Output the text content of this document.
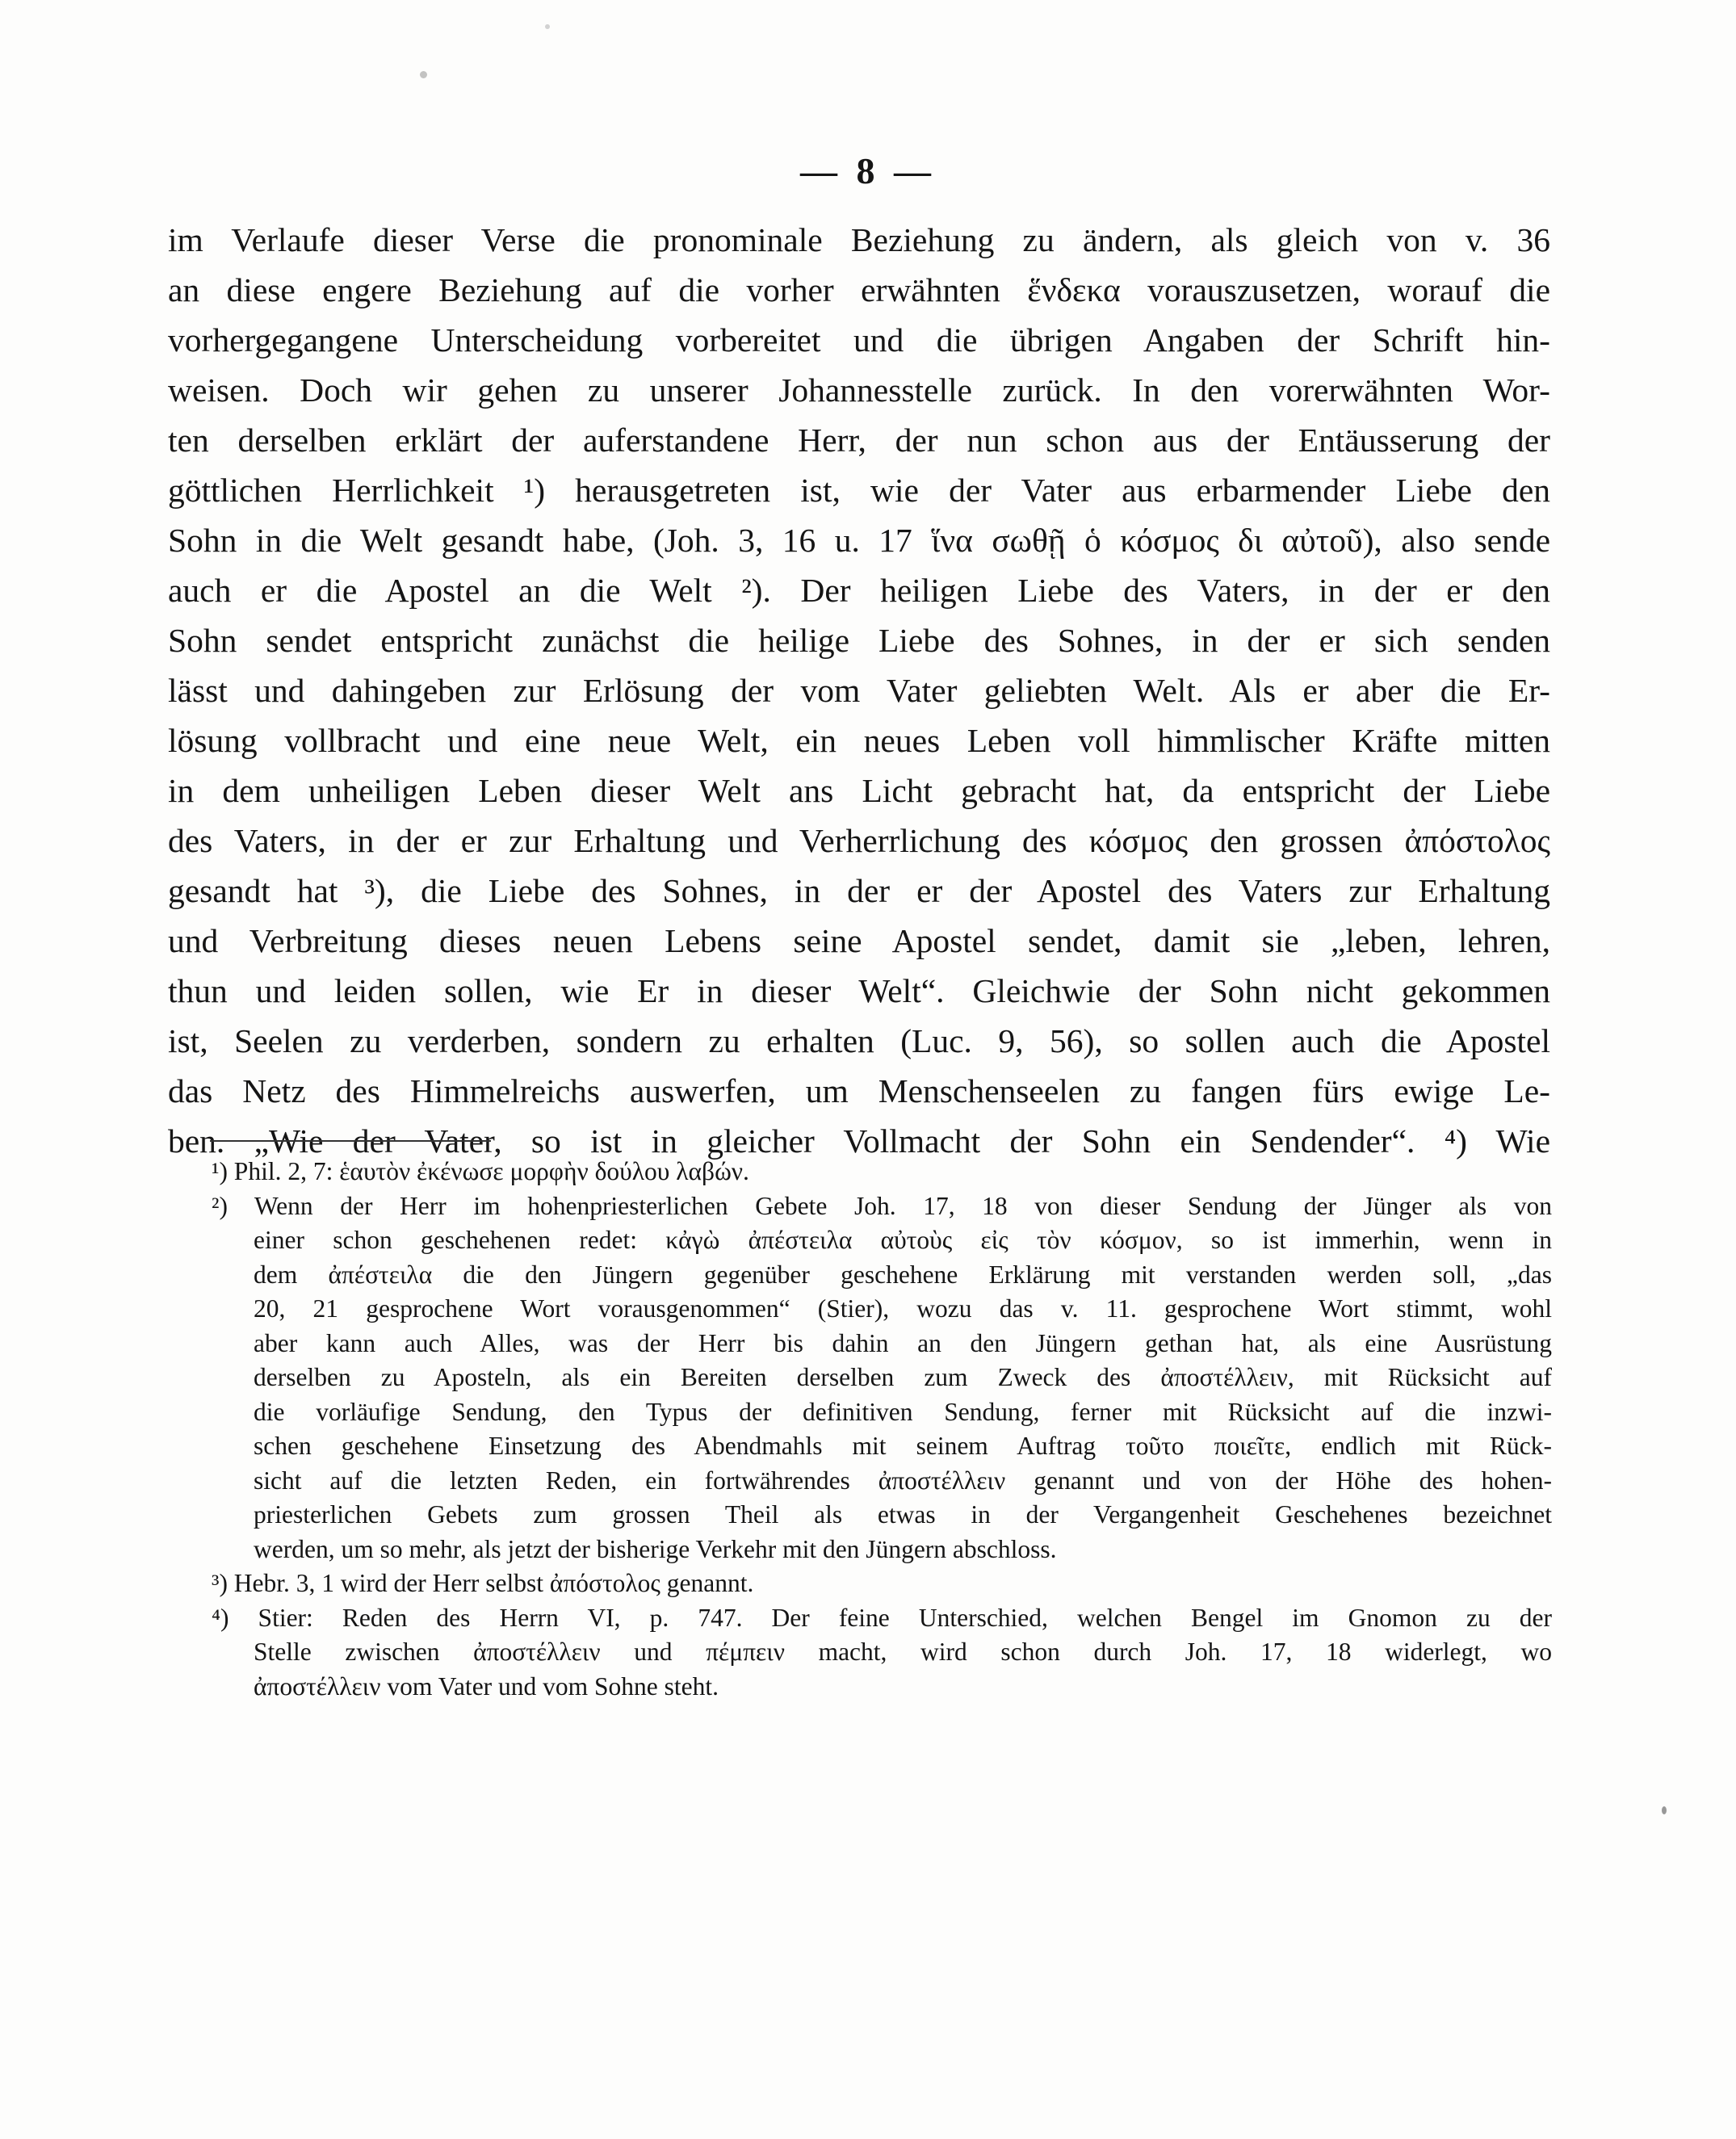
— 8 —
im Verlaufe dieser Verse die pronominale Beziehung zu ändern, als gleich von v. 36
an diese engere Beziehung auf die vorher erwähnten ἕνδεκα vorauszusetzen, worauf die
vorhergegangene Unterscheidung vorbereitet und die übrigen Angaben der Schrift hin-
weisen. Doch wir gehen zu unserer Johannesstelle zurück. In den vorerwähnten Wor-
ten derselben erklärt der auferstandene Herr, der nun schon aus der Entäusserung der
göttlichen Herrlichkeit ¹) herausgetreten ist, wie der Vater aus erbarmender Liebe den
Sohn in die Welt gesandt habe, (Joh. 3, 16 u. 17 ἵνα σωθῇ ὁ κόσμος δι αὐτοῦ), also sende
auch er die Apostel an die Welt ²). Der heiligen Liebe des Vaters, in der er den
Sohn sendet entspricht zunächst die heilige Liebe des Sohnes, in der er sich senden
lässt und dahingeben zur Erlösung der vom Vater geliebten Welt. Als er aber die Er-
lösung vollbracht und eine neue Welt, ein neues Leben voll himmlischer Kräfte mitten
in dem unheiligen Leben dieser Welt ans Licht gebracht hat, da entspricht der Liebe
des Vaters, in der er zur Erhaltung und Verherrlichung des κόσμος den grossen ἀπόστολος
gesandt hat ³), die Liebe des Sohnes, in der er der Apostel des Vaters zur Erhaltung
und Verbreitung dieses neuen Lebens seine Apostel sendet, damit sie „leben, lehren,
thun und leiden sollen, wie Er in dieser Welt“. Gleichwie der Sohn nicht gekommen
ist, Seelen zu verderben, sondern zu erhalten (Luc. 9, 56), so sollen auch die Apostel
das Netz des Himmelreichs auswerfen, um Menschenseelen zu fangen fürs ewige Le-
ben. „Wie der Vater, so ist in gleicher Vollmacht der Sohn ein Sendender“. ⁴) Wie
¹) Phil. 2, 7: ἑαυτὸν ἐκένωσε μορφὴν δούλου λαβών.
²) Wenn der Herr im hohenpriesterlichen Gebete Joh. 17, 18 von dieser Sendung der Jünger als von
einer schon geschehenen redet: κἀγὼ ἀπέστειλα αὐτοὺς εἰς τὸν κόσμον, so ist immerhin, wenn in
dem ἀπέστειλα die den Jüngern gegenüber geschehene Erklärung mit verstanden werden soll, „das
20, 21 gesprochene Wort vorausgenommen“ (Stier), wozu das v. 11. gesprochene Wort stimmt, wohl
aber kann auch Alles, was der Herr bis dahin an den Jüngern gethan hat, als eine Ausrüstung
derselben zu Aposteln, als ein Bereiten derselben zum Zweck des ἀποστέλλειν, mit Rücksicht auf
die vorläufige Sendung, den Typus der definitiven Sendung, ferner mit Rücksicht auf die inzwi-
schen geschehene Einsetzung des Abendmahls mit seinem Auftrag τοῦτο ποιεῖτε, endlich mit Rück-
sicht auf die letzten Reden, ein fortwährendes ἀποστέλλειν genannt und von der Höhe des hohen-
priesterlichen Gebets zum grossen Theil als etwas in der Vergangenheit Geschehenes bezeichnet
werden, um so mehr, als jetzt der bisherige Verkehr mit den Jüngern abschloss.
³) Hebr. 3, 1 wird der Herr selbst ἀπόστολος genannt.
⁴) Stier: Reden des Herrn VI, p. 747. Der feine Unterschied, welchen Bengel im Gnomon zu der
Stelle zwischen ἀποστέλλειν und πέμπειν macht, wird schon durch Joh. 17, 18 widerlegt, wo
ἀποστέλλειν vom Vater und vom Sohne steht.
